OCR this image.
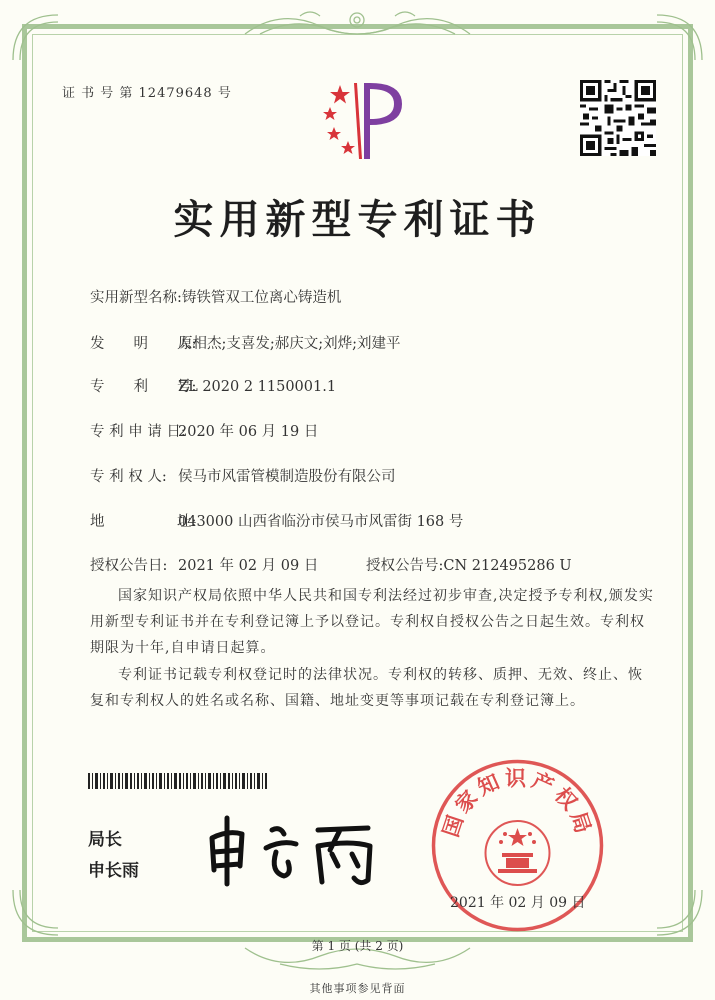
证 书 号 第 12479648 号
实用新型专利证书
实用新型名称:铸铁管双工位离心铸造机
发　　明　　人:原相杰;支喜发;郝庆文;刘烨;刘建平
专　　利　　号:ZL 2020 2 1150001.1
专 利 申 请 日:2020 年 06 月 19 日
专 利 权 人: 侯马市风雷管模制造股份有限公司
地　　　　　址:043000 山西省临汾市侯马市风雷街 168 号
授权公告日: 2021 年 02 月 09 日	授权公告号:CN 212495286 U
国家知识产权局依照中华人民共和国专利法经过初步审查,决定授予专利权,颁发实用新型专利证书并在专利登记簿上予以登记。专利权自授权公告之日起生效。专利权期限为十年,自申请日起算。
专利证书记载专利权登记时的法律状况。专利权的转移、质押、无效、终止、恢复和专利权人的姓名或名称、国籍、地址变更等事项记载在专利登记簿上。
局长
申长雨
国家知识产权局
2021 年 02 月 09 日
第 1 页 (共 2 页)
其他事项参见背面
